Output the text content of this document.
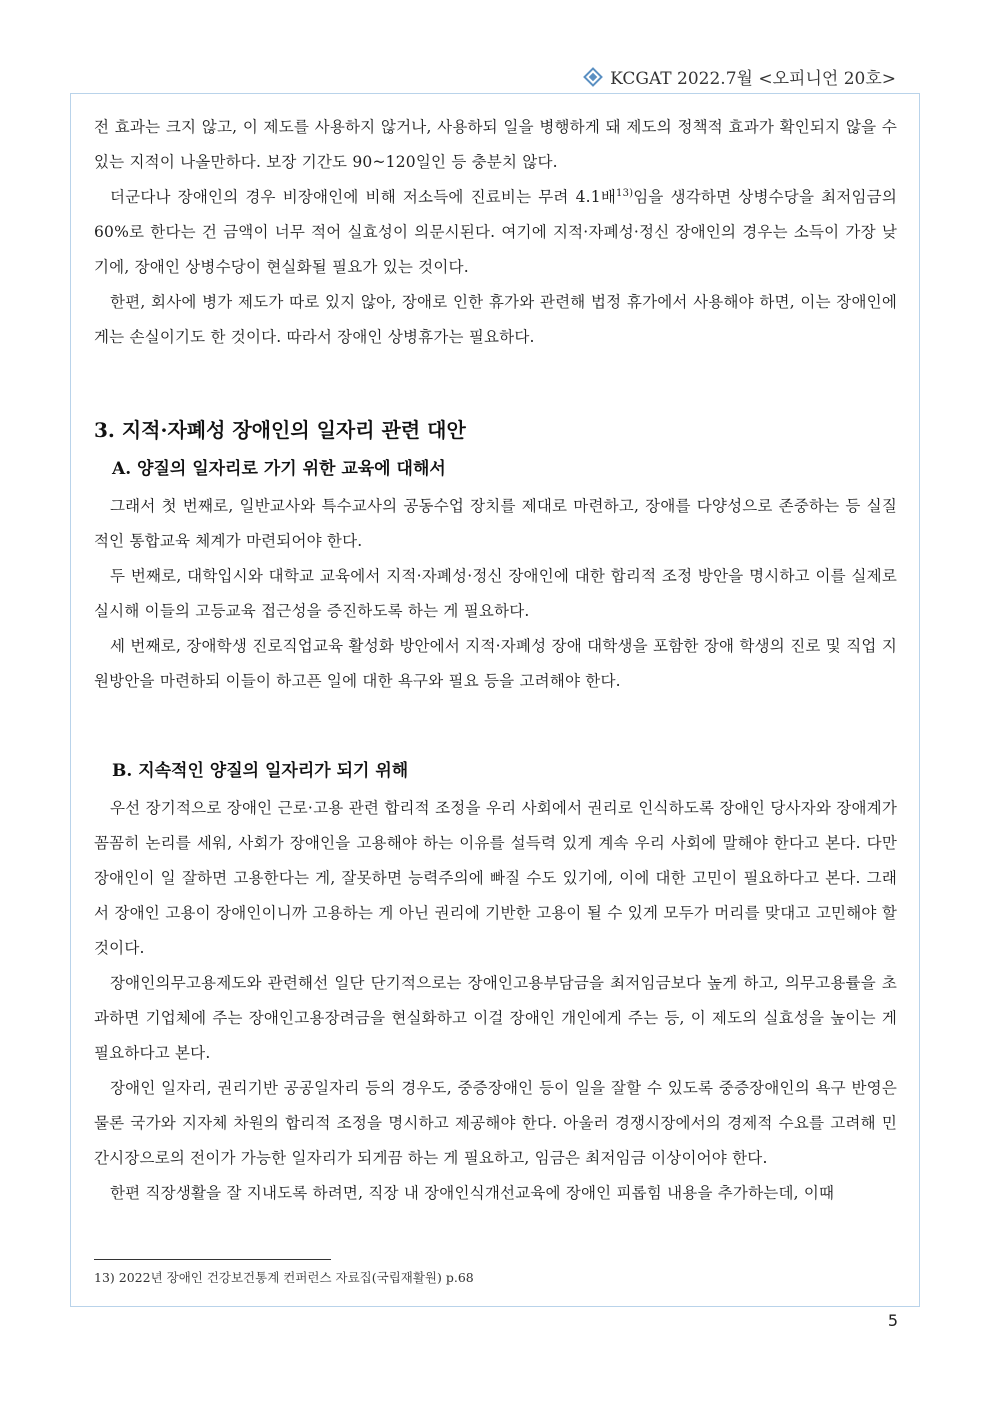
KCGAT 2022.7월 <오피니언 20호>

전 효과는 크지 않고, 이 제도를 사용하지 않거나, 사용하되 일을 병행하게 돼 제도의 정책적 효과가 확인되지 않을 수 있는 지적이 나올만하다. 보장 기간도 90~120일인 등 충분치 않다.

더군다나 장애인의 경우 비장애인에 비해 저소득에 진료비는 무려 4.1배$^{13)}$임을 생각하면 상병수당을 최저임금의 60%로 한다는 건 금액이 너무 적어 실효성이 의문시된다. 여기에 지적·자폐성·정신 장애인의 경우는 소득이 가장 낮기에, 장애인 상병수당이 현실화될 필요가 있는 것이다.

한편, 회사에 병가 제도가 따로 있지 않아, 장애로 인한 휴가와 관련해 법정 휴가에서 사용해야 하면, 이는 장애인에게는 손실이기도 한 것이다. 따라서 장애인 상병휴가는 필요하다.

3. 지적·자폐성 장애인의 일자리 관련 대안
A. 양질의 일자리로 가기 위한 교육에 대해서

그래서 첫 번째로, 일반교사와 특수교사의 공동수업 장치를 제대로 마련하고, 장애를 다양성으로 존중하는 등 실질적인 통합교육 체계가 마련되어야 한다.

두 번째로, 대학입시와 대학교 교육에서 지적·자폐성·정신 장애인에 대한 합리적 조정 방안을 명시하고 이를 실제로 실시해 이들의 고등교육 접근성을 증진하도록 하는 게 필요하다.

세 번째로, 장애학생 진로직업교육 활성화 방안에서 지적·자폐성 장애 대학생을 포함한 장애 학생의 진로 및 직업 지원방안을 마련하되 이들이 하고픈 일에 대한 욕구와 필요 등을 고려해야 한다.

B. 지속적인 양질의 일자리가 되기 위해

우선 장기적으로 장애인 근로·고용 관련 합리적 조정을 우리 사회에서 권리로 인식하도록 장애인 당사자와 장애계가 꼼꼼히 논리를 세워, 사회가 장애인을 고용해야 하는 이유를 설득력 있게 계속 우리 사회에 말해야 한다고 본다. 다만 장애인이 일 잘하면 고용한다는 게, 잘못하면 능력주의에 빠질 수도 있기에, 이에 대한 고민이 필요하다고 본다. 그래서 장애인 고용이 장애인이니까 고용하는 게 아닌 권리에 기반한 고용이 될 수 있게 모두가 머리를 맞대고 고민해야 할 것이다.

장애인의무고용제도와 관련해선 일단 단기적으로는 장애인고용부담금을 최저임금보다 높게 하고, 의무고용률을 초과하면 기업체에 주는 장애인고용장려금을 현실화하고 이걸 장애인 개인에게 주는 등, 이 제도의 실효성을 높이는 게 필요하다고 본다.

장애인 일자리, 권리기반 공공일자리 등의 경우도, 중증장애인 등이 일을 잘할 수 있도록 중증장애인의 욕구 반영은 물론 국가와 지자체 차원의 합리적 조정을 명시하고 제공해야 한다. 아울러 경쟁시장에서의 경제적 수요를 고려해 민간시장으로의 전이가 가능한 일자리가 되게끔 하는 게 필요하고, 임금은 최저임금 이상이어야 한다.

한편 직장생활을 잘 지내도록 하려면, 직장 내 장애인식개선교육에 장애인 피롭힘 내용을 추가하는데, 이때

13) 2022년 장애인 건강보건통계 컨퍼런스 자료집(국립재활원) p.68
5
